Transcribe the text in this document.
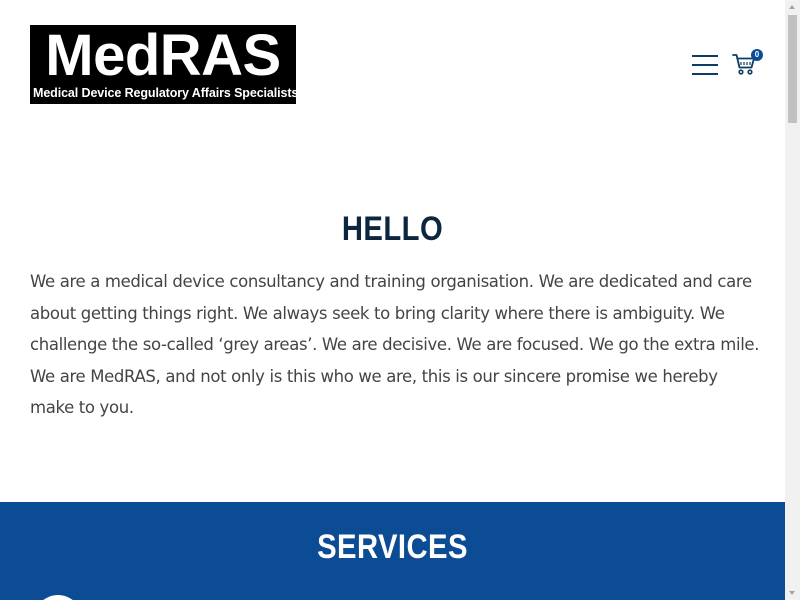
MedRAS
Medical Device Regulatory Affairs Specialists
0
HELLO

We are a medical device consultancy and training organisation. We are dedicated and care about getting things right. We always seek to bring clarity where there is ambiguity. We challenge the so-called ‘grey areas’. We are decisive. We are focused. We go the extra mile. We are MedRAS, and not only is this who we are, this is our sincere promise we hereby make to you.

SERVICES
